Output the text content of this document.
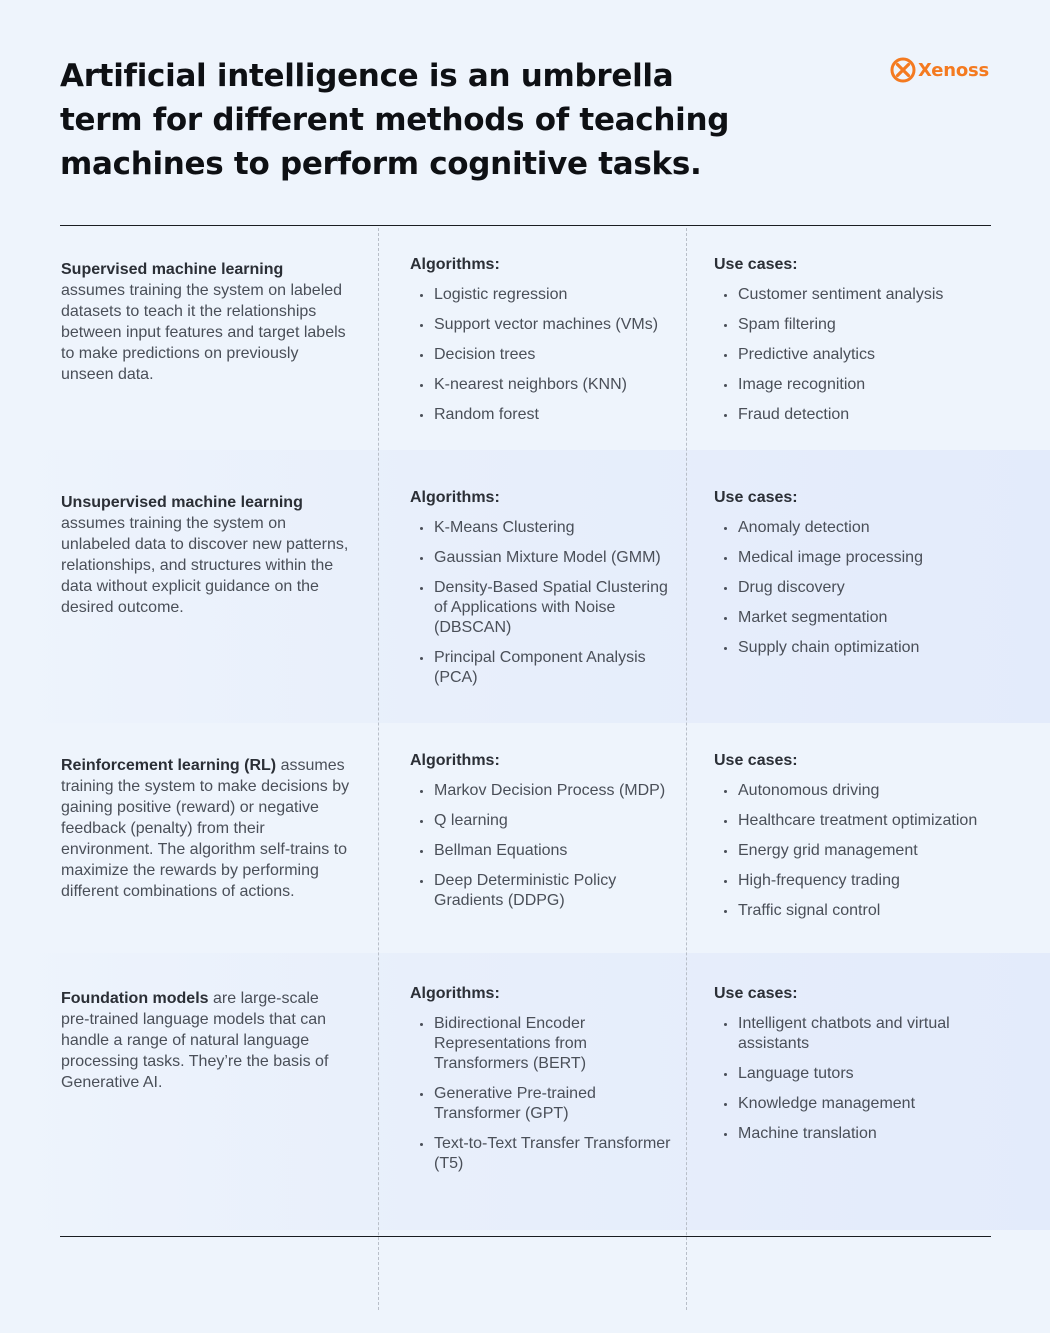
Artificial intelligence is an umbrella term for different methods of teaching machines to perform cognitive tasks.
Xenoss
Supervised machine learning assumes training the system on labeled datasets to teach it the relationships between input features and target labels to make predictions on previously unseen data.
Algorithms:
Logistic regression
Support vector machines (VMs)
Decision trees
K-nearest neighbors (KNN)
Random forest
Use cases:
Customer sentiment analysis
Spam filtering
Predictive analytics
Image recognition
Fraud detection
Unsupervised machine learning assumes training the system on unlabeled data to discover new patterns, relationships, and structures within the data without explicit guidance on the desired outcome.
Algorithms:
K-Means Clustering
Gaussian Mixture Model (GMM)
Density-Based Spatial Clustering of Applications with Noise (DBSCAN)
Principal Component Analysis (PCA)
Use cases:
Anomaly detection
Medical image processing
Drug discovery
Market segmentation
Supply chain optimization
Reinforcement learning (RL) assumes training the system to make decisions by gaining positive (reward) or negative feedback (penalty) from their environment. The algorithm self-trains to maximize the rewards by performing different combinations of actions.
Algorithms:
Markov Decision Process (MDP)
Q learning
Bellman Equations
Deep Deterministic Policy Gradients (DDPG)
Use cases:
Autonomous driving
Healthcare treatment optimization
Energy grid management
High-frequency trading
Traffic signal control
Foundation models are large-scale pre-trained language models that can handle a range of natural language processing tasks. They’re the basis of Generative AI.
Algorithms:
Bidirectional Encoder Representations from Transformers (BERT)
Generative Pre-trained Transformer (GPT)
Text-to-Text Transfer Transformer (T5)
Use cases:
Intelligent chatbots and virtual assistants
Language tutors
Knowledge management
Machine translation
